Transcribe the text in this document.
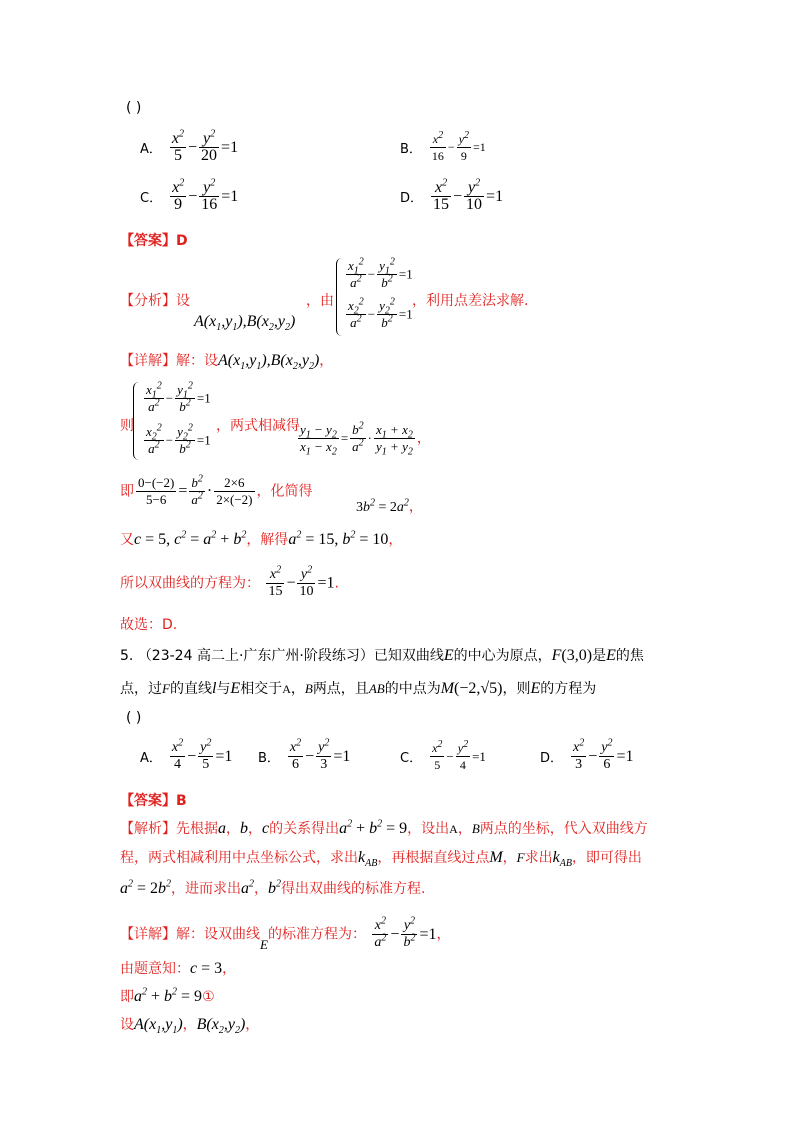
( )
A． $\frac{x^2}{5} - \frac{y^2}{20} =1$	B． $\frac{x^2}{16} - \frac{y^2}{9} =1$
C． $\frac{x^2}{9} - \frac{y^2}{16} =1$	D． $\frac{x^2}{15} - \frac{y^2}{10} =1$
【答案】D
【分析】设
$A(x_1,y_1),B(x_2,y_2)$
，由
$\frac{x_1^2}{a^2} - \frac{y_1^2}{b^2} =1$
$\frac{x_2^2}{a^2} - \frac{y_2^2}{b^2} =1$
，利用点差法求解.
【详解】解：设$A(x_1,y_1),B(x_2,y_2)$，
则
$\frac{x_1^2}{a^2} - \frac{y_1^2}{b^2} =1$
$\frac{x_2^2}{a^2} - \frac{y_2^2}{b^2} =1$
，两式相减得
$\frac{y_1 - y_2}{x_1 - x_2} = \frac{b^2}{a^2} \cdot \frac{x_1 + x_2}{y_1 + y_2}$ ，
即 $\frac{0-(-2)}{5-6} = \frac{b^2}{a^2} \cdot \frac{2\times 6}{2\times(-2)}$ ，化简得
$3b^2 = 2a^2$，
又c = 5, $c^2 = a^2 + b^2$，解得$a^2 = 15$, $b^2 = 10$，
所以双曲线的方程为： $\frac{x^2}{15} - \frac{y^2}{10} =1$.
故选：D.
5. （23-24 高二上·广东广州·阶段练习）已知双曲线E的中心为原点，F(3,0)是E的焦
点，过F的直线l与E相交于A，B两点，且AB的中点为M(−2,√5)，则E的方程为
( )
A． $\frac{x^2}{4} - \frac{y^2}{5} =1$ B． $\frac{x^2}{6} - \frac{y^2}{3} =1$	C． $\frac{x^2}{5} - \frac{y^2}{4} =1$	D． $\frac{x^2}{3} - \frac{y^2}{6} =1$
【答案】B
【解析】先根据a，b，c的关系得出$a^2 + b^2 = 9$，设出A，B两点的坐标，代入双曲线方
程，两式相减利用中点坐标公式，求出$k_{AB}$，再根据直线过点M，F求出$k_{AB}$，即可得出
$a^2 = 2b^2$，进而求出$a^2$，$b^2$得出双曲线的标准方程.
【详解】解：设双曲线E的标准方程为： $\frac{x^2}{a^2} - \frac{y^2}{b^2} =1$，
由题意知：c = 3，
即$a^2 + b^2$ = 9①
设$A(x_1,y_1)$，$B(x_2,y_2)$，
